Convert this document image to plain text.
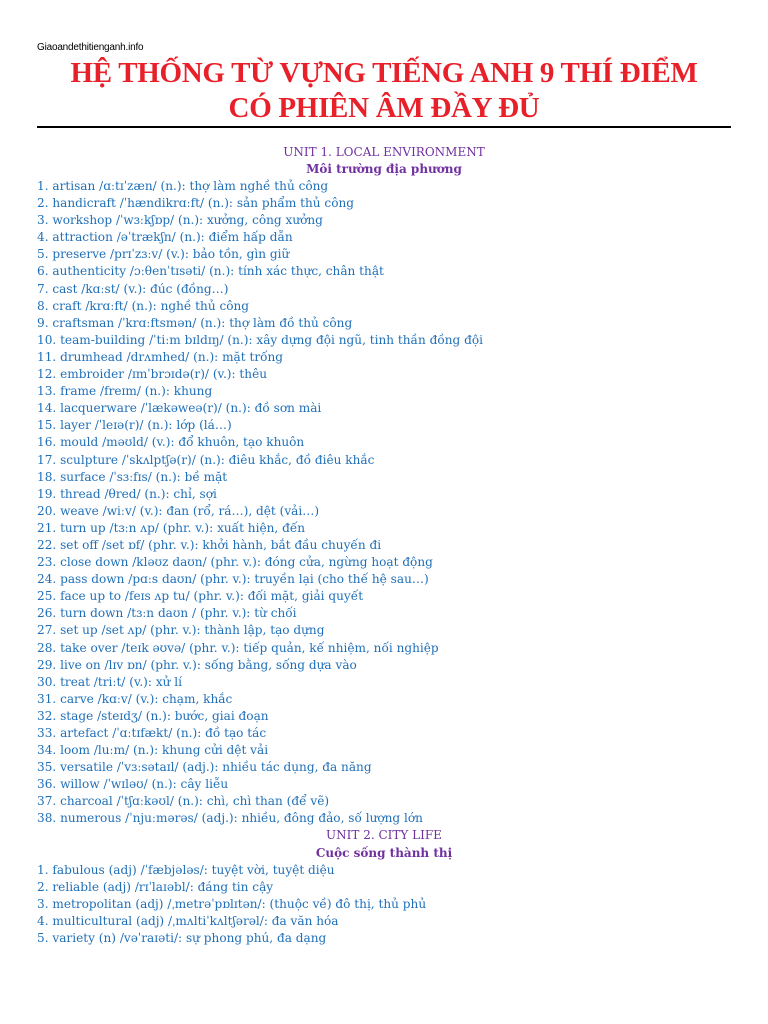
Giaoandethitienganh.info
HỆ THỐNG TỪ VỰNG TIẾNG ANH 9 THÍ ĐIỂM
CÓ PHIÊN ÂM ĐẦY ĐỦ
UNIT 1. LOCAL ENVIRONMENT
Môi trường địa phương
1. artisan /ɑːtɪˈzæn/ (n.): thợ làm nghề thủ công
2. handicraft /ˈhændikrɑːft/ (n.): sản phẩm thủ công
3. workshop /ˈwɜːkʃɒp/ (n.): xưởng, công xưởng
4. attraction /əˈtrækʃn/ (n.): điểm hấp dẫn
5. preserve /prɪˈzɜːv/ (v.): bảo tồn, gìn giữ
6. authenticity /ɔːθenˈtɪsəti/ (n.): tính xác thực, chân thật
7. cast /kɑːst/ (v.): đúc (đồng…)
8. craft /krɑːft/ (n.): nghề thủ công
9. craftsman /ˈkrɑːftsmən/ (n.): thợ làm đồ thủ công
10. team-building /ˈtiːm bɪldɪŋ/ (n.): xây dựng đội ngũ, tinh thần đồng đội
11. drumhead /drʌmhed/ (n.): mặt trống
12. embroider /ɪmˈbrɔɪdə(r)/ (v.): thêu
13. frame /freɪm/ (n.): khung
14. lacquerware /ˈlækəweə(r)/ (n.): đồ sơn mài
15. layer /ˈleɪə(r)/ (n.): lớp (lá…)
16. mould /məʊld/ (v.): đổ khuôn, tạo khuôn
17. sculpture /ˈskʌlptʃə(r)/ (n.): điêu khắc, đồ điêu khắc
18. surface /ˈsɜːfɪs/ (n.): bề mặt
19. thread /θred/ (n.): chỉ, sợi
20. weave /wiːv/ (v.): đan (rổ, rá…), dệt (vải…)
21. turn up /tɜːn ʌp/ (phr. v.): xuất hiện, đến
22. set off /set ɒf/ (phr. v.): khởi hành, bắt đầu chuyến đi
23. close down /kləʊz daʊn/ (phr. v.): đóng cửa, ngừng hoạt động
24. pass down /pɑːs daʊn/ (phr. v.): truyền lại (cho thế hệ sau…)
25. face up to /feɪs ʌp tu/ (phr. v.): đối mặt, giải quyết
26. turn down /tɜːn daʊn / (phr. v.): từ chối
27. set up /set ʌp/ (phr. v.): thành lập, tạo dựng
28. take over /teɪk əʊvə/ (phr. v.): tiếp quản, kế nhiệm, nối nghiệp
29. live on /lɪv ɒn/ (phr. v.): sống bằng, sống dựa vào
30. treat /triːt/ (v.): xử lí
31. carve /kɑːv/ (v.): chạm, khắc
32. stage /steɪdʒ/ (n.): bước, giai đoạn
33. artefact /ˈɑːtɪfækt/ (n.): đồ tạo tác
34. loom /luːm/ (n.): khung cửi dệt vải
35. versatile /ˈvɜːsətaɪl/ (adj.): nhiều tác dụng, đa năng
36. willow /ˈwɪləʊ/ (n.): cây liễu
37. charcoal /ˈtʃɑːkəʊl/ (n.): chì, chì than (để vẽ)
38. numerous /ˈnjuːmərəs/ (adj.): nhiều, đông đảo, số lượng lớn
UNIT 2. CITY LIFE
Cuộc sống thành thị
1. fabulous (adj) /ˈfæbjələs/: tuyệt vời, tuyệt diệu
2. reliable (adj) /rɪˈlaɪəbl/: đáng tin cậy
3. metropolitan (adj) /ˌmetrəˈpɒlɪtən/: (thuộc về) đô thị, thủ phủ
4. multicultural (adj) /ˌmʌltiˈkʌltʃərəl/: đa văn hóa
5. variety (n) /vəˈraɪəti/: sự phong phú, đa dạng
